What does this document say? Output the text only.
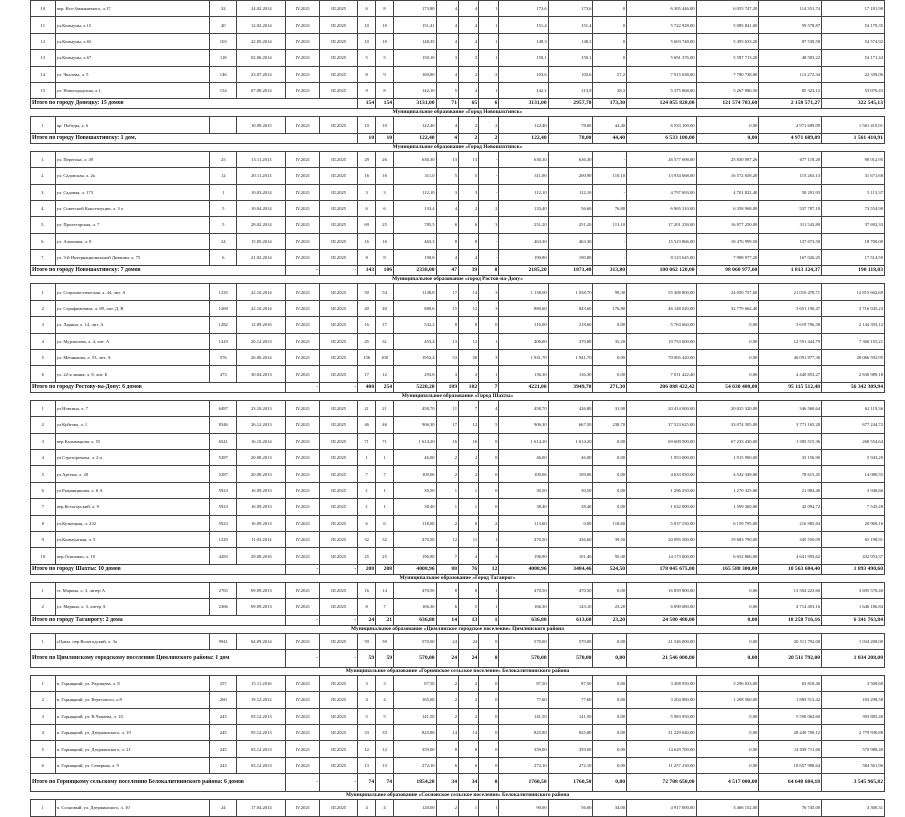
10	пер. Кто-Замыкаемого, л.17	32	24.02.2014	IV.2021	III.2025	6	8	173,80	4	4	1	173,6	173,6	0	6 305 446,00	6 055 747,20	114 351,74	17 181,90
11	ул.Коммуны, л.15	40	12.02.2014	IV.2021	III.2025	10	10	151,41	4	4	1	151,4	151,4	0	5 722 928,00	5 085 841,00	59 578,87	54 179,35
12	ул.Коммуны, л.65	103	22.05.2014	IV.2021	III.2025	10	10	148,35	4	4	1	148,3	148,3	0	5 603 748,00	5 495 633,20	87 539,58	54 574,92
13	ул.Коммуны, л.67	118	02.06.2014	IV.2021	III.2025	5	5	150,10	3	3	1	150,1	150,1	0	5 691 376,00	5 587 713,20	48 583,22	54 171,44
14	ул. Чкалова, л. 5	146	23.07.2014	IV.2021	III.2025	8	9	160,80	4	2	2	103,6	103,6	57,2	7 915 638,00	7 780 738,00	112 272,34	22 339,06
15	ул. Новогородская, л.1	154	07.08.2014	IV.2021	III.2025	9	8	142,10	5	4	1	142,1	113,9	28,3	5 375 868,00	5 267 086,50	85 323,12	53 070,43
Итого по городу Донецку: 15 домов						154	154	3131,00	71	65	6	3131,00	2957,70	173,30	124 055 820,00	121 574 703,60	2 158 571,27	322 545,13
Муниципальное образование «Город Новошахтинск»																		
1	пр. Победы, л. 6		10.09.2015	IV.2021	III.2025	10	10	122,40	4	2	2	122,40	78,00	44,40	6 533 100,00	0,00	4 971 689,09	1 561 410,91
Итого по городу Новошахтинску: 1 дом.						10	10	122,40	4	2	2	122,40	78,00	44,40	6 533 100,00	0,00	4 971 689,09	1 561 410,91
Муниципальное образование «Город Новошахтинск»																		
1.	ул. Перегона, л. 49	25	13.11.2013	IV.2021	III.2025	29	26	636,30	13	13	-	636,30	636,30	-	26 577 698,00	25 830 097,26	677 118,28	90 012,95
2.	ул. Садовская, л. 2ъ	12	20.11.2013	IV.2021	III.2025	16	16	311,0	5	5	-	311,00	200,90	110,10	13 934 668,00	16 572 658,20	115 263,13	31 671,68
3.	ул. Садовая, л. 173	1	10.03.2014	IV.2021	III.2025	3	3	112,10	3	3	-	112,10	112,10	-	4 797 693,00	4 701 822,40	58 291,93	5 113,37
4.	ул. Советской Конституции, л. 3 а	5	10.04.2014	IV.2021	III.2025	6	6	133,4	4	2	2	133,40	56,60	76,80	6 965 310,00	6 358 968,00	537 787,10	73 554,90
5.	ул. Пролетарская, л. 7	5	28.02.2014	IV.2021	III.2025	69	25	785,5	6	6	3	251,20	251,20	113,10	17 201 239,00	16 877 250,00	311 543,80	37 692,33
6.	ул. Алмазная, л. 8	24	15.05.2014	IV.2021	III.2025	16	16	463,3	8	8	-	463,30	463,30	-	15 523 866,00	18 476 999,50	137 673,50	18 700,00
7.	ул. 3-й Интернациональной Дивизии, л. 75	6	21.02.2014	IV.2021	III.2025	8	8	190,8	4	4	-	190,80	190,80	-	8 123 645,00	7 988 977,20	167 026,25	17 514,50
Итого по городу Новошахтинску: 7 домов				-	-	143	106	2338,00	47	39	8	2185,20	1871,40	313,80	100 062 120,00	98 060 977,60	1 813 124,37	190 118,03
Муниципальное образование «город Ростов-на-Дону»																		
1	ул. Социалистическая, л. 44, лит. А	1235	22.10.2014	IV.2021	III.2025	50	54	1138,8	17	14	3	1 138,00	1 038,70	99,30	55 308 800,00	24 050 737,60	21 010 478,71	12 815 662,69
2	ул. Серафимовича, л. 89, лит. Д, В	1269	22.10.2014	IV.2021	III.2025	40	40	880,6	15	12	3	880,60	843,60	176,80	46 148 020,00	32 779 662,40	3 651 190,47	3 716 945,23
3	ул. Ларина, л. 14, лит. А	1282	12.09.2016	IV.2021	III.2025	16	17	532,2	8	8	0	116,00	218,60	0,00	5 763 660,00	0,00	3 619 796,58	2 144 393,12
4	ул. Мурлычева, л. 4, лит. А	1419	20.12.2013	IV.2021	III.2025	45	31	453,4	13	12	1	406,00	370,80	35,20	19 753 600,00	0,00	12 591 444,79	7 360 155,21
5	ул. Мечникова, л. 53, лит. А	576	26.06.2014	IV.2021	III.2025	156	100	1952,4	53	50	3	1 941,70	1 941,70	0,00	70 065 420,00	0,00	46 091 877,36	28 066 592,95
6	ул. 22-я линия, л. 8, лит. Б	473	30.04.2013	IV.2021	III.2025	17	12	293,8	3	2	1	136,30	136,30	0,00	7 031 422,40	0,00	4 440 853,27	2 630 989,18
Итого по городу Ростову-на-Дону: 6 домов				-	-	400	254	5220,20	109	102	7	4221,00	3949,70	271,30	206 088 422,42	54 630 400,00	95 115 512,48	56 342 309,94
Муниципальное образование «Город Шахты»																		
1	ул.Новгина, л. 7	6497	23.10.2013	IV.2021	III.2025	21	21	458,70	11	7	4	458,70	426,80	31,90	20 414 000,00	20 025 320,00	346 560,64	62 119,36
2	ул.Куйтова, л. 1	8346	26.12.2013	IV.2021	III.2025	46	46	906,30	17	12	5	906,30	667,50	238,70	37 523 625,00	33 074 305,00	3 771 165,28	677 244,72
3	пер.Калмыцкова, л. 55	6541	16.10.2014	IV.2021	III.2025	71	71	1 614,20	16	16	0	1 614,20	1 614,20	0,00	69 609 500,00	67 233 430,00	1 385 515,36	268 554,64
4	ул.Стрезоровича, л. 2-а	5287	20.08.2013	IV.2021	III.2025	1	1	46,00	2	2	0	46,00	46,00	0,00	1 953 000,00	1 915 900,00	33 156,90	5 943,20
5	ул.Артема, л. 20	5287	20.08.2013	IV.2021	III.2025	7	7	109,06	2	2	0	109,06	109,06	0,00	4 633 050,00	4 542 349,00	78 615,45	14 080,55
6	ул.Рыманцинова, л. 6 А	5923	16.09.2013	IV.2021	III.2025	1	1	30,50	1	1	0	30,50	30,50	0,00	1 296 250,00	1 270 325,00	21 984,40	3 940,60
7	пер.Косогорский, л. 9	5923	16.09.2013	IV.2021	III.2025	1	1	38,40	1	1	0	38,40	38,40	0,00	1 632 000,00	1 599 360,00	42 094,72	7 545,28
8	ул.Кузнецкая, л. 232	5923	16.09.2013	IV.2021	III.2025	6	6	118,60	2	0	2	113,60	0,00	118,60	5 037 530,00	6 159 795,00	216 985,84	20 969,16
9	ул.Коммунская, л. 5	1229	11.03.2014	IV.2021	III.2025	32	32	470,50	12	11	1	470,50	436,60	39,50	20 095 500,00	19 683 790,00	345 550,09	65 198,91
10	пер.Осипенко, л. 10	4283	29.08.2016	IV.2021	III.2025	25	25	196,90	7	4	3	196,90	101,40	95,40	14 173 600,00	6 652 866,00	4 641 993,62	432 953,37
Итого по городу Шахты: 10 домов				-	-	208	208	4008,96	88	76	12	4008,96	3484,46	524,50	178 045 675,00	165 588 300,00	10 563 684,40	1 893 490,60
Муниципальное образование «Город Таганрог»																		
1	ст. Марина, л. 3, литер А	2765	09.09.2013	IV.2021	III.2025	16	14	470,50	8	8	1	470,50	470,50	0,00	16 859 800,00	0,00	13 504 223,60	3 695 576,40
2	ул. Марина, л. 3, литер А	2366	09.09.2013	IV.2021	III.2025	8	7	166,30	6	5	1	166,30	143,10	23,20	6 890 680,00	0,00	4 714 493,16	1 646 186,84
Итого по городу Таганрогу: 2 дома				-	-	24	21	636,80	14	13	1	636,80	613,60	23,20	24 580 480,00	0,00	18 258 716,16	6 341 763,84
Муниципальное образование «Цимлянское городское поселение» Цимлянского района																		
1	г.Цимл. пер.Вологодский, л. 3а	9941	04.09.2014	IV.2021	III.2025	59	59	570,00	24	24	0	570,00	570,00	0,00	21 546 000,00	0,00	20 511 792,00	1 034 208,00
Итого по Цимлянскому городскому поселению Цимлянского района: 1 дом				-	-	59	59	570,00	24	24	0	570,00	570,00	0,00	21 546 000,00	0,00	20 511 792,00	1 034 208,00
Муниципальное образование «Горнянское сельское поселение» Белокалитвинского района																		
1	п. Горняцкий, ул. Радищева, л. 8	257	15.11.2016	IV.2021	III.2025	3	3	87,50	2	2	0	87,50	87,50	0,00	3 308 950,00	3 296 633,00	63 818,40	3 500,60
2	п. Горняцкий, ул. Вересового, л.8	260	19.12.2012	IV.2021	III.2025	4	4	165,00	2	2	0	77,60	77,60	0,00	3 204 880,00	1 208 560,00	1 883 513,42	103 298,58
3	п. Горняцкий, ул. В.Чапаева, л. 10	243	03.12.2013	IV.2021	III.2025	5	5	141,50	2	2	0	141,50	141,50	0,00	5 983 950,00	0,00	5 590 064,60	393 885,40
4	п. Горняцкий, ул. Дзержинского, л. 19	245	05.12.2013	IV.2021	III.2025	33	33	825,80	14	14	0	825,80	825,80	0,00	31 229 640,00	0,00	28 449 709,12	2 779 930,88
5	п. Горняцкий, ул. Дзержинского, л. 21	245	03.12.2013	IV.2021	III.2025	12	12	359,00	8	8	0	359,00	359,00	0,00	14 629 700,00	0,00	14 058 711,60	570 988,40
6	п. Горняцкий, ул. Северная, л. 9	243	03.12.2013	IV.2021	III.2025	13	13	272,10	6	6	0	272,10	272,10	0,00	11 257 230,00	0,00	10 657 988,64	584 561,96
Итого по Горняцкому сельскому поселению Белокалитвинского района: 6 домов				-	-	74	74	1854,20	34	34	0	1760,50	1760,50	0,00	72 708 650,00	4 517 000,00	64 648 684,18	3 545 965,82
Муниципальное образование «Сосновское сельское поселение» Белокалитвинского района																		
1	п. Сосновый, ул. Дзержинского, л. 10	24	17.04.2014	IV.2021	III.2025	4	4	120,00	2	1	1	90,00	56,00	34,00	4 917 000,00	3 466 152,00	76 745,00	4 300,31
